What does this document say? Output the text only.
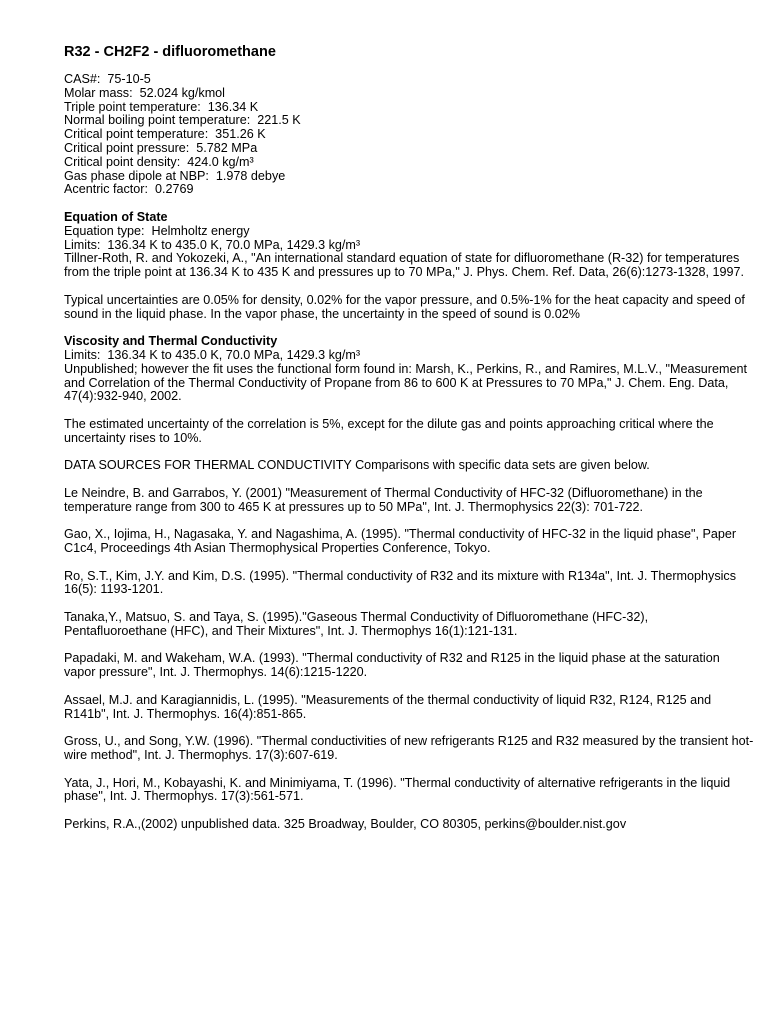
R32 - CH2F2 - difluoromethane
CAS#:  75-10-5
Molar mass:  52.024 kg/kmol
Triple point temperature:  136.34 K
Normal boiling point temperature:  221.5 K
Critical point temperature:  351.26 K
Critical point pressure:  5.782 MPa
Critical point density:  424.0 kg/m³
Gas phase dipole at NBP:  1.978 debye
Acentric factor:  0.2769
Equation of State
Equation type:  Helmholtz energy
Limits:  136.34 K to 435.0 K, 70.0 MPa, 1429.3 kg/m³

Tillner-Roth, R. and Yokozeki, A., "An international standard equation of state for difluoromethane (R-32) for temperatures from the triple point at 136.34 K to 435 K and pressures up to 70 MPa," J. Phys. Chem. Ref. Data, 26(6):1273-1328, 1997.

Typical uncertainties are 0.05% for density, 0.02% for the vapor pressure, and 0.5%-1% for the heat capacity and speed of sound in the liquid phase. In the vapor phase, the uncertainty in the speed of sound is 0.02%

Viscosity and Thermal Conductivity
Limits:  136.34 K to 435.0 K, 70.0 MPa, 1429.3 kg/m³

Unpublished; however the fit uses the functional form found in: Marsh, K., Perkins, R., and Ramires, M.L.V., "Measurement and Correlation of the Thermal Conductivity of Propane from 86 to 600 K at Pressures to 70 MPa," J. Chem. Eng. Data, 47(4):932-940, 2002.

The estimated uncertainty of the correlation is 5%, except for the dilute gas and points approaching critical where the uncertainty rises to 10%.

DATA SOURCES FOR THERMAL CONDUCTIVITY Comparisons with specific data sets are given below.

Le Neindre, B. and Garrabos, Y. (2001) "Measurement of Thermal Conductivity of HFC-32 (Difluoromethane) in the temperature range from 300 to 465 K at pressures up to 50 MPa", Int. J. Thermophysics 22(3): 701-722.

Gao, X., Iojima, H., Nagasaka, Y. and Nagashima, A. (1995). "Thermal conductivity of HFC-32 in the liquid phase", Paper C1c4, Proceedings 4th Asian Thermophysical Properties Conference, Tokyo.

Ro, S.T., Kim, J.Y. and Kim, D.S. (1995). "Thermal conductivity of R32 and its mixture with R134a", Int. J. Thermophysics 16(5): 1193-1201.

Tanaka,Y., Matsuo, S. and Taya, S. (1995)."Gaseous Thermal Conductivity of Difluoromethane (HFC-32), Pentafluoroethane (HFC), and Their Mixtures", Int. J. Thermophys 16(1):121-131.

Papadaki, M. and Wakeham, W.A. (1993). "Thermal conductivity of R32 and R125 in the liquid phase at the saturation vapor pressure", Int. J. Thermophys. 14(6):1215-1220.

Assael, M.J. and Karagiannidis, L. (1995). "Measurements of the thermal conductivity of liquid R32, R124, R125 and R141b", Int. J. Thermophys. 16(4):851-865.

Gross, U., and Song, Y.W. (1996). "Thermal conductivities of new refrigerants R125 and R32 measured by the transient hot-wire method", Int. J. Thermophys. 17(3):607-619.

Yata, J., Hori, M., Kobayashi, K. and Minimiyama, T. (1996). "Thermal conductivity of alternative refrigerants in the liquid phase", Int. J. Thermophys. 17(3):561-571.

Perkins, R.A.,(2002) unpublished data. 325 Broadway, Boulder, CO 80305, perkins@boulder.nist.gov
